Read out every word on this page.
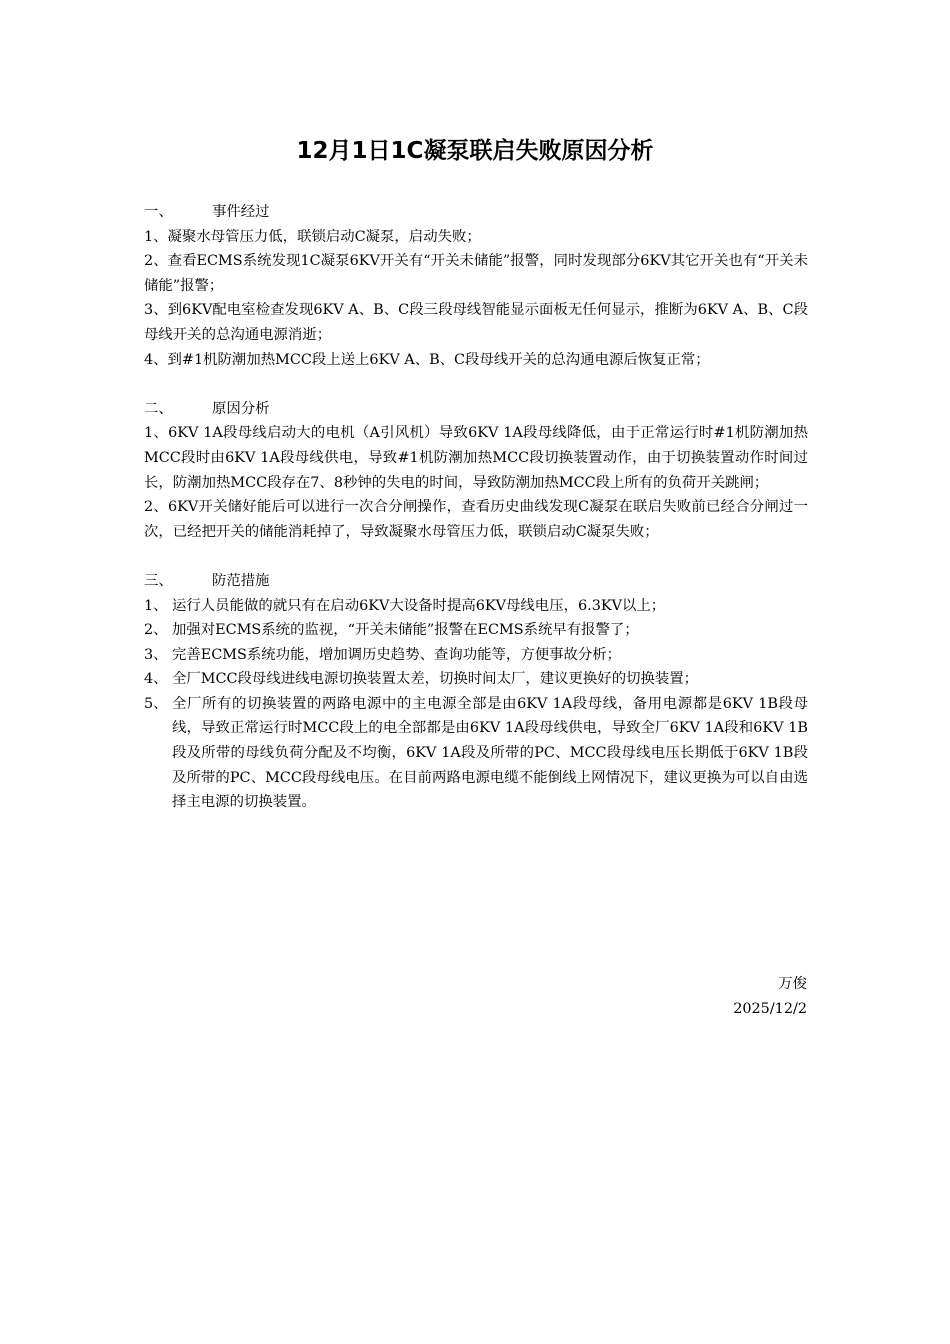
12月1日1C凝泵联启失败原因分析
一、	事件经过

1、凝聚水母管压力低，联锁启动C凝泵，启动失败；

2、查看ECMS系统发现1C凝泵6KV开关有“开关未储能”报警，同时发现部分6KV其它开关也有“开关未储能”报警；

3、到6KV配电室检查发现6KV A、B、C段三段母线智能显示面板无任何显示，推断为6KV A、B、C段母线开关的总沟通电源消逝；

4、到#1机防潮加热MCC段上送上6KV A、B、C段母线开关的总沟通电源后恢复正常；

二、	原因分析

1、6KV 1A段母线启动大的电机（A引风机）导致6KV 1A段母线降低，由于正常运行时#1机防潮加热MCC段时由6KV 1A段母线供电，导致#1机防潮加热MCC段切换装置动作，由于切换装置动作时间过长，防潮加热MCC段存在7、8秒钟的失电的时间，导致防潮加热MCC段上所有的负荷开关跳闸；

2、6KV开关储好能后可以进行一次合分闸操作，查看历史曲线发现C凝泵在联启失败前已经合分闸过一次，已经把开关的储能消耗掉了，导致凝聚水母管压力低，联锁启动C凝泵失败；

三、	防范措施
1、 运行人员能做的就只有在启动6KV大设备时提高6KV母线电压，6.3KV以上；
2、 加强对ECMS系统的监视，“开关未储能”报警在ECMS系统早有报警了；
3、 完善ECMS系统功能，增加调历史趋势、查询功能等，方便事故分析；
4、 全厂MCC段母线进线电源切换装置太差，切换时间太厂，建议更换好的切换装置；
5、 全厂所有的切换装置的两路电源中的主电源全部是由6KV 1A段母线，备用电源都是6KV 1B段母线，导致正常运行时MCC段上的电全部都是由6KV 1A段母线供电，导致全厂6KV 1A段和6KV 1B段及所带的母线负荷分配及不均衡，6KV 1A段及所带的PC、MCC段母线电压长期低于6KV 1B段及所带的PC、MCC段母线电压。在目前两路电源电缆不能倒线上网情况下，建议更换为可以自由选择主电源的切换装置。
万俊
2025/12/2
